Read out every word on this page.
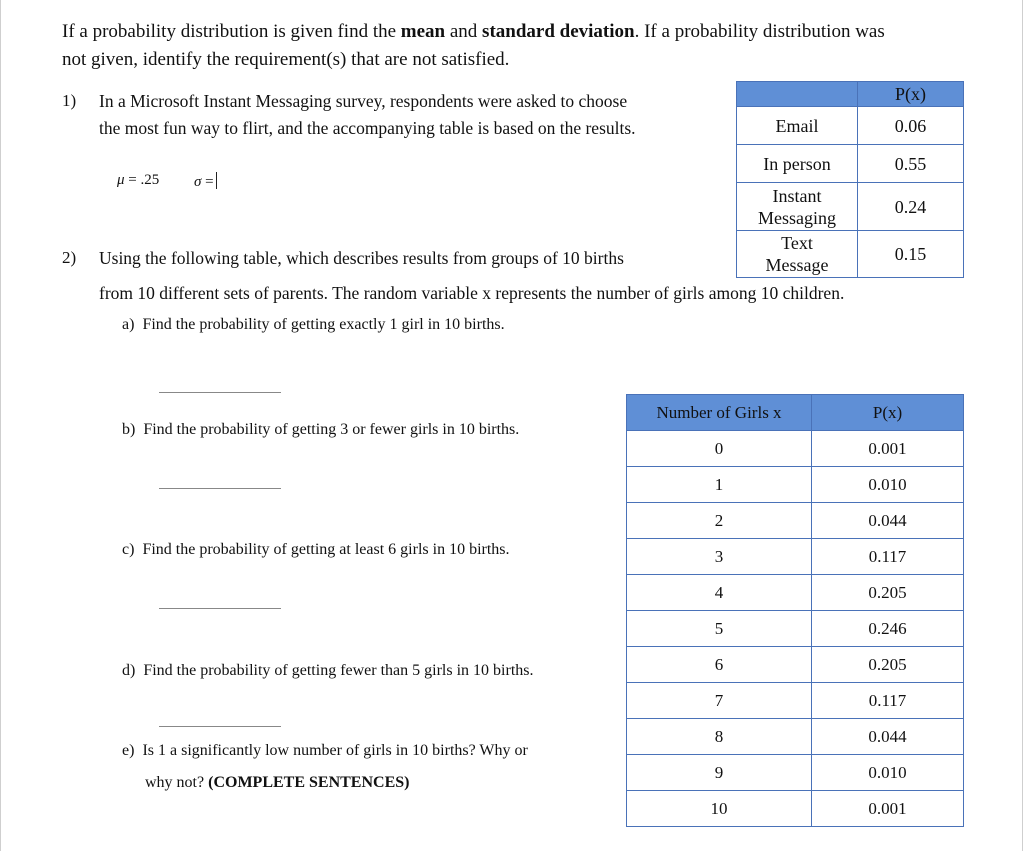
If a probability distribution is given find the mean and standard deviation. If a probability distribution was
not given, identify the requirement(s) that are not satisfied.
1) In a Microsoft Instant Messaging survey, respondents were asked to choose
the most fun way to flirt, and the accompanying table is based on the results.
μ = .25 σ =
	P(x)
Email	0.06
In person	0.55
Instant Messaging	0.24
Text Message	0.15
2) Using the following table, which describes results from groups of 10 births
from 10 different sets of parents. The random variable x represents the number of girls among 10 children.
a) Find the probability of getting exactly 1 girl in 10 births.
b) Find the probability of getting 3 or fewer girls in 10 births.
c) Find the probability of getting at least 6 girls in 10 births.
d) Find the probability of getting fewer than 5 girls in 10 births.
e) Is 1 a significantly low number of girls in 10 births? Why or
why not? (COMPLETE SENTENCES)
Number of Girls x	P(x)
0	0.001
1	0.010
2	0.044
3	0.117
4	0.205
5	0.246
6	0.205
7	0.117
8	0.044
9	0.010
10	0.001
